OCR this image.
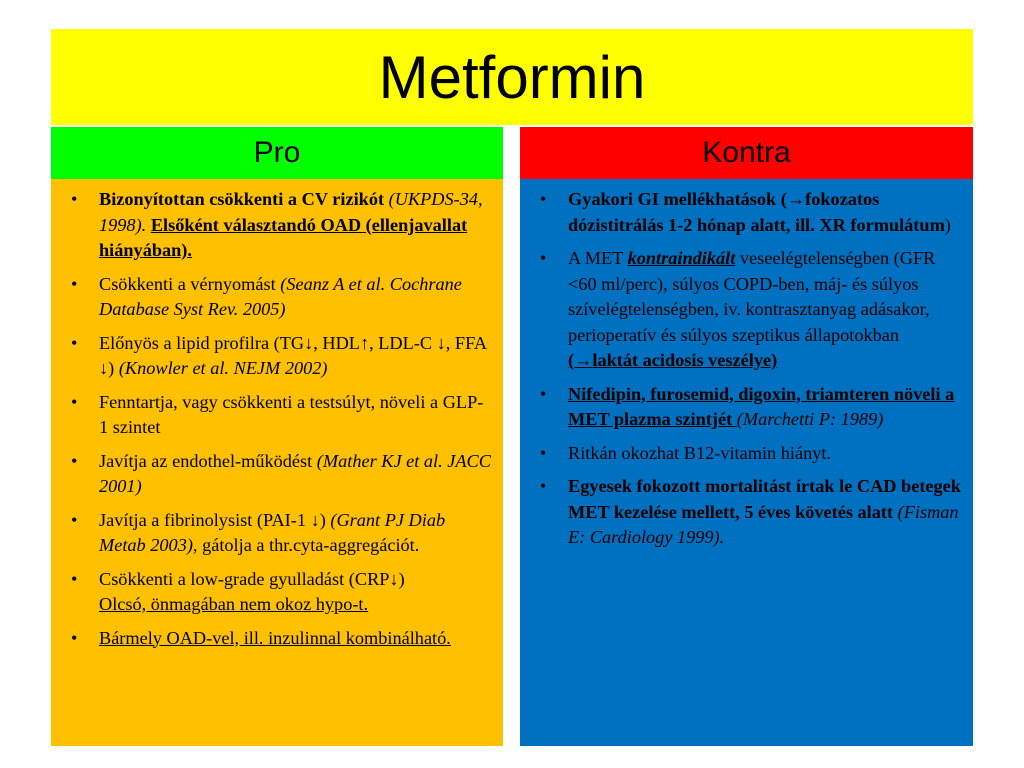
Metformin
Pro	Kontra
• Bizonyítottan csökkenti a CV rizikót (UKPDS-34, 1998). Elsőként választandó OAD (ellenjavallat hiányában).
• Csökkenti a vérnyomást (Seanz A et al. Cochrane Database Syst Rev. 2005)
• Előnyös a lipid profilra (TG↓, HDL↑, LDL-C ↓, FFA ↓) (Knowler et al. NEJM 2002)
• Fenntartja, vagy csökkenti a testsúlyt, növeli a GLP-1 szintet
• Javítja az endothel-működést (Mather KJ et al. JACC 2001)
• Javítja a fibrinolysist (PAI-1 ↓) (Grant PJ Diab Metab 2003), gátolja a thr.cyta-aggregációt.
• Csökkenti a low-grade gyulladást (CRP↓)
Olcsó, önmagában nem okoz hypo-t.
• Bármely OAD-vel, ill. inzulinnal kombinálható.
• Gyakori GI mellékhatások (→fokozatos dózistitrálás 1-2 hónap alatt, ill. XR formulátum)
• A MET kontraindikált veseelégtelenségben (GFR <60 ml/perc), súlyos COPD-ben, máj- és súlyos szívelégtelenségben, iv. kontrasztanyag adásakor, perioperatív és súlyos szeptikus állapotokban (→laktát acidosis veszélye)
• Nifedipin, furosemid, digoxin, triamteren növeli a MET plazma szintjét (Marchetti P: 1989)
• Ritkán okozhat B12-vitamin hiányt.
• Egyesek fokozott mortalitást írtak le CAD betegek MET kezelése mellett, 5 éves követés alatt (Fisman E: Cardiology 1999).
